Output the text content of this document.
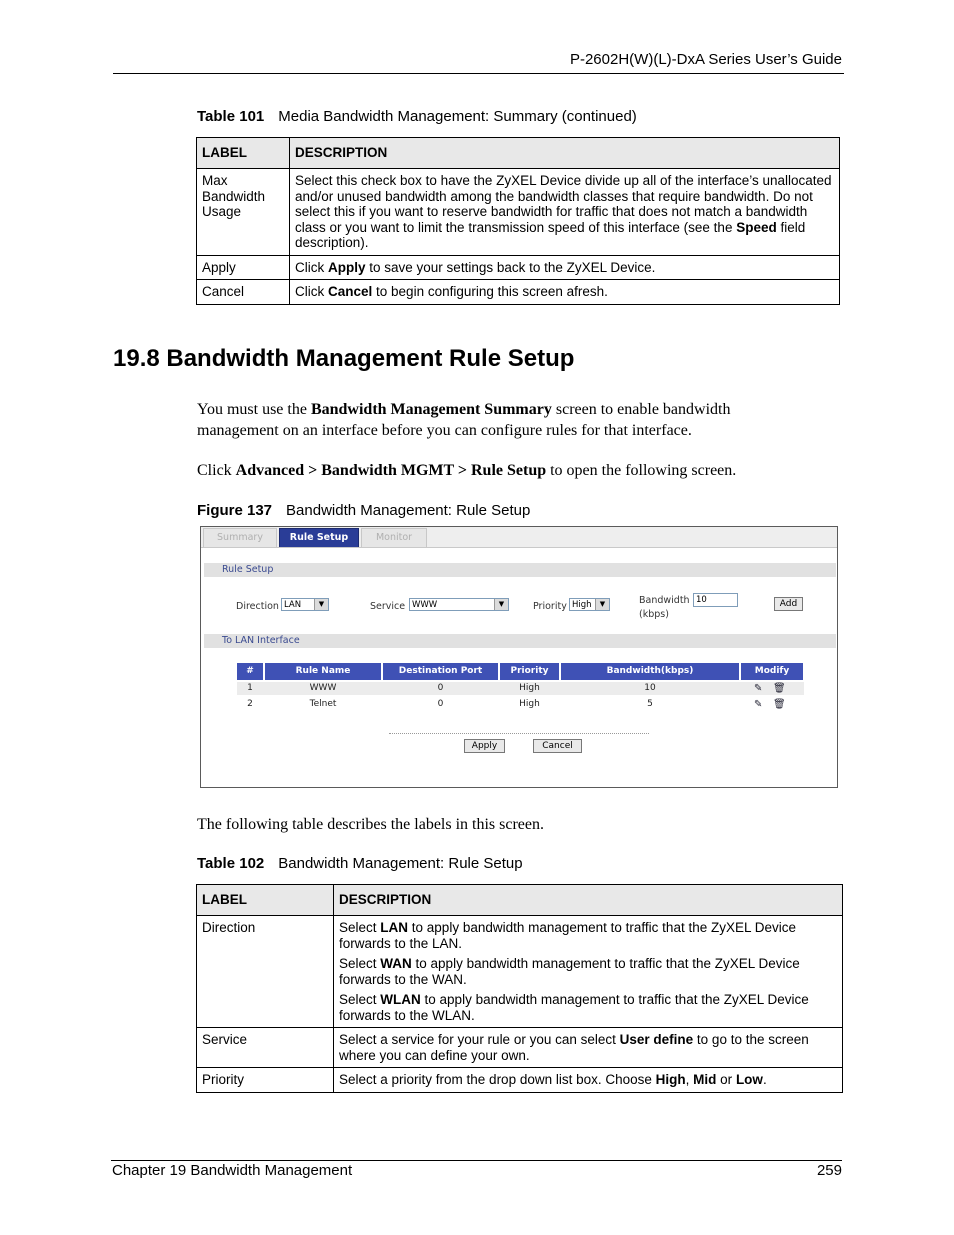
P-2602H(W)(L)-DxA Series User’s Guide
Table 101 Media Bandwidth Management: Summary (continued)
LABEL	DESCRIPTION
Max Bandwidth Usage	Select this check box to have the ZyXEL Device divide up all of the interface’s unallocated and/or unused bandwidth among the bandwidth classes that require bandwidth. Do not select this if you want to reserve bandwidth for traffic that does not match a bandwidth class or you want to limit the transmission speed of this interface (see the Speed field description).
Apply	Click Apply to save your settings back to the ZyXEL Device.
Cancel	Click Cancel to begin configuring this screen afresh.
19.8 Bandwidth Management Rule Setup
You must use the Bandwidth Management Summary screen to enable bandwidth management on an interface before you can configure rules for that interface.
Click Advanced > Bandwidth MGMT > Rule Setup to open the following screen.
Figure 137 Bandwidth Management: Rule Setup
Summary	Rule Setup	Monitor
Rule Setup
Direction LAN	▼	Service WWW	▼	Priority High	▼	Bandwidth
(kbps)
10	Add
To LAN Interface
#	Rule Name	Destination Port	Priority	Bandwidth(kbps)	Modify
1	WWW	0	High	10	✎ 🗑
2	Telnet	0	High	5	✎ 🗑
Apply	Cancel
The following table describes the labels in this screen.
Table 102 Bandwidth Management: Rule Setup
LABEL	DESCRIPTION
Direction	Select LAN to apply bandwidth management to traffic that the ZyXEL Device forwards to the LAN.

Select WAN to apply bandwidth management to traffic that the ZyXEL Device forwards to the WAN.

Select WLAN to apply bandwidth management to traffic that the ZyXEL Device forwards to the WLAN.

Service	Select a service for your rule or you can select User define to go to the screen where you can define your own.
Priority	Select a priority from the drop down list box. Choose High, Mid or Low.
Chapter 19 Bandwidth Management	259
